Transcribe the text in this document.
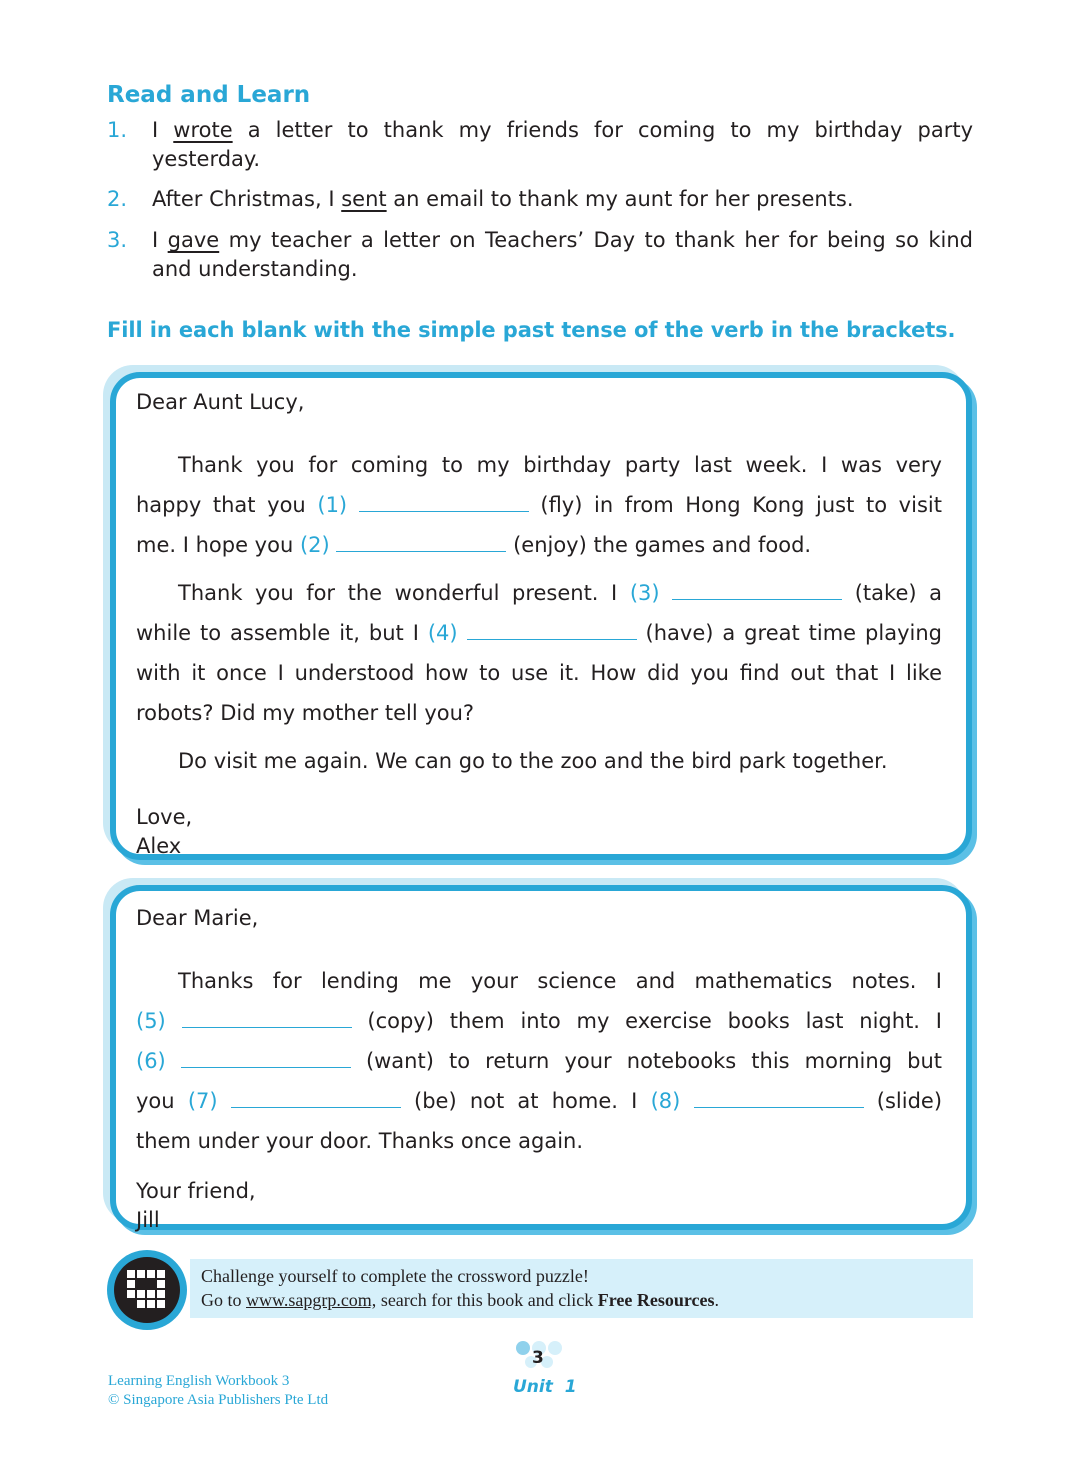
Read and Learn
1. I wrote a letter to thank my friends for coming to my birthday party yesterday.
2. After Christmas, I sent an email to thank my aunt for her presents.
3. I gave my teacher a letter on Teachers’ Day to thank her for being so kind and understanding.
Fill in each blank with the simple past tense of the verb in the brackets.
Dear Aunt Lucy,
Thank you for coming to my birthday party last week. I was very
happy that you (1)	(fly) in from Hong Kong just to visit
me. I hope you (2)	(enjoy) the games and food.
Thank you for the wonderful present. I (3)	(take) a
while to assemble it, but I (4)	(have) a great time playing
with it once I understood how to use it. How did you find out that I like
robots? Did my mother tell you?
Do visit me again. We can go to the zoo and the bird park together.
Love,
Alex
Dear Marie,
Thanks for lending me your science and mathematics notes. I
(5)	(copy) them into my exercise books last night. I
(6)	(want) to return your notebooks this morning but
you (7)	(be) not at home. I (8)	(slide)
them under your door. Thanks once again.
Your friend,
Jill
Challenge yourself to complete the crossword puzzle!
Go to www.sapgrp.com, search for this book and click Free Resources.
Learning English Workbook 3
© Singapore Asia Publishers Pte Ltd
3
Unit  1
